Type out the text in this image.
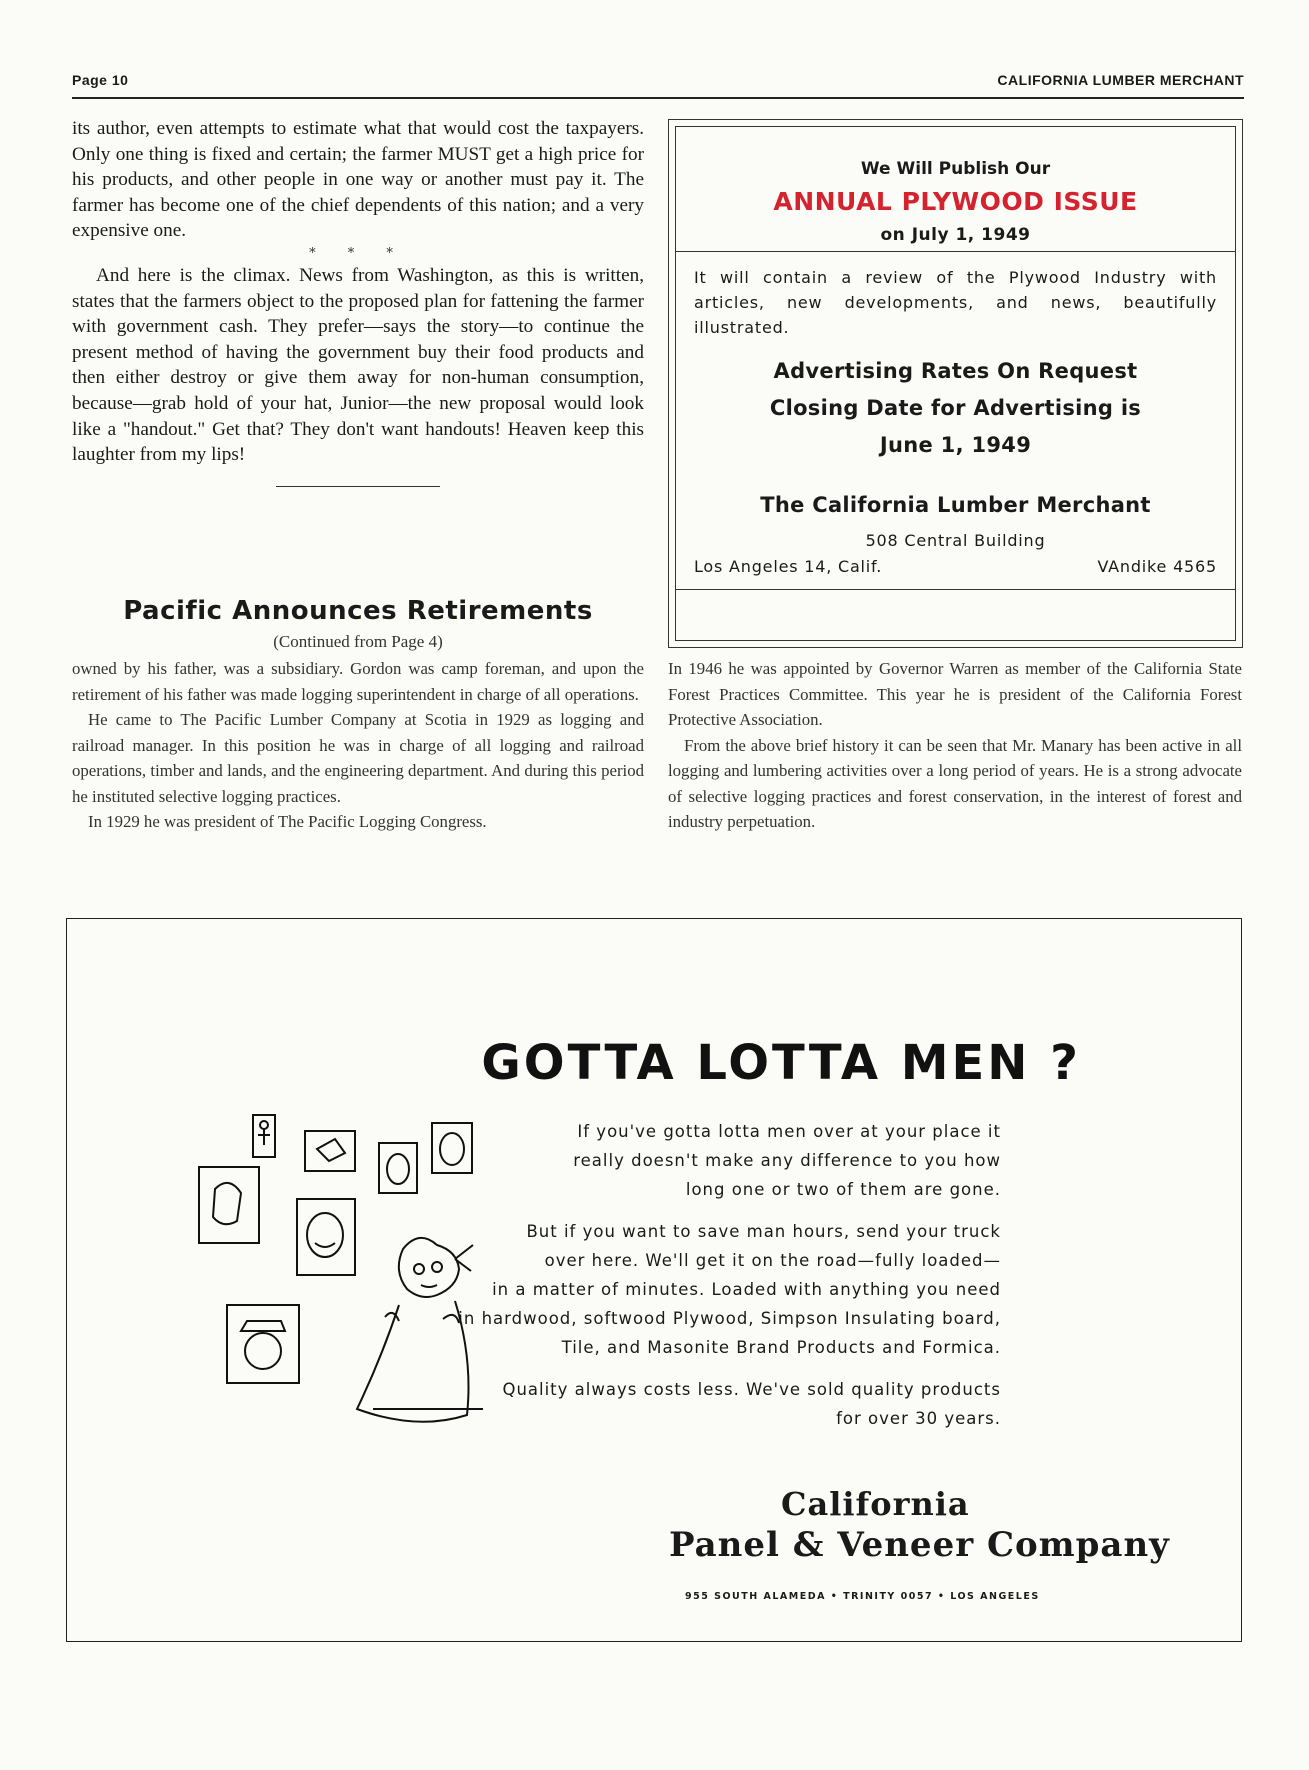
Page 10	CALIFORNIA LUMBER MERCHANT

its author, even attempts to estimate what that would cost the taxpayers. Only one thing is fixed and certain; the farmer MUST get a high price for his products, and other people in one way or another must pay it. The farmer has become one of the chief dependents of this nation; and a very expensive one.

* * *

And here is the climax. News from Washington, as this is written, states that the farmers object to the proposed plan for fattening the farmer with government cash. They prefer—says the story—to continue the present method of having the government buy their food products and then either destroy or give them away for non-human consumption, because—grab hold of your hat, Junior—the new proposal would look like a "handout." Get that? They don't want handouts! Heaven keep this laughter from my lips!

We Will Publish Our
ANNUAL PLYWOOD ISSUE
on July 1, 1949
It will contain a review of the Plywood Industry with articles, new developments, and news, beautifully illustrated.
Advertising Rates On Request
Closing Date for Advertising is
June 1, 1949
The California Lumber Merchant
508 Central Building
Los Angeles 14, Calif.	VAndike 4565
Pacific Announces Retirements
(Continued from Page 4)

owned by his father, was a subsidiary. Gordon was camp foreman, and upon the retirement of his father was made logging superintendent in charge of all operations.

He came to The Pacific Lumber Company at Scotia in 1929 as logging and railroad manager. In this position he was in charge of all logging and railroad operations, timber and lands, and the engineering department. And during this period he instituted selective logging practices.

In 1929 he was president of The Pacific Logging Congress.

In 1946 he was appointed by Governor Warren as member of the California State Forest Practices Committee. This year he is president of the California Forest Protective Association.

From the above brief history it can be seen that Mr. Manary has been active in all logging and lumbering activities over a long period of years. He is a strong advocate of selective logging practices and forest conservation, in the interest of forest and industry perpetuation.

GOTTA LOTTA MEN ?
If you've gotta lotta men over at your place it
really doesn't make any difference to you how
long one or two of them are gone.
But if you want to save man hours, send your truck
over here. We'll get it on the road—fully loaded—
in a matter of minutes. Loaded with anything you need
in hardwood, softwood Plywood, Simpson Insulating board,
Tile, and Masonite Brand Products and Formica.
Quality always costs less. We've sold quality products
for over 30 years.
California
Panel & Veneer Company
955 SOUTH ALAMEDA • TRINITY 0057 • LOS ANGELES
